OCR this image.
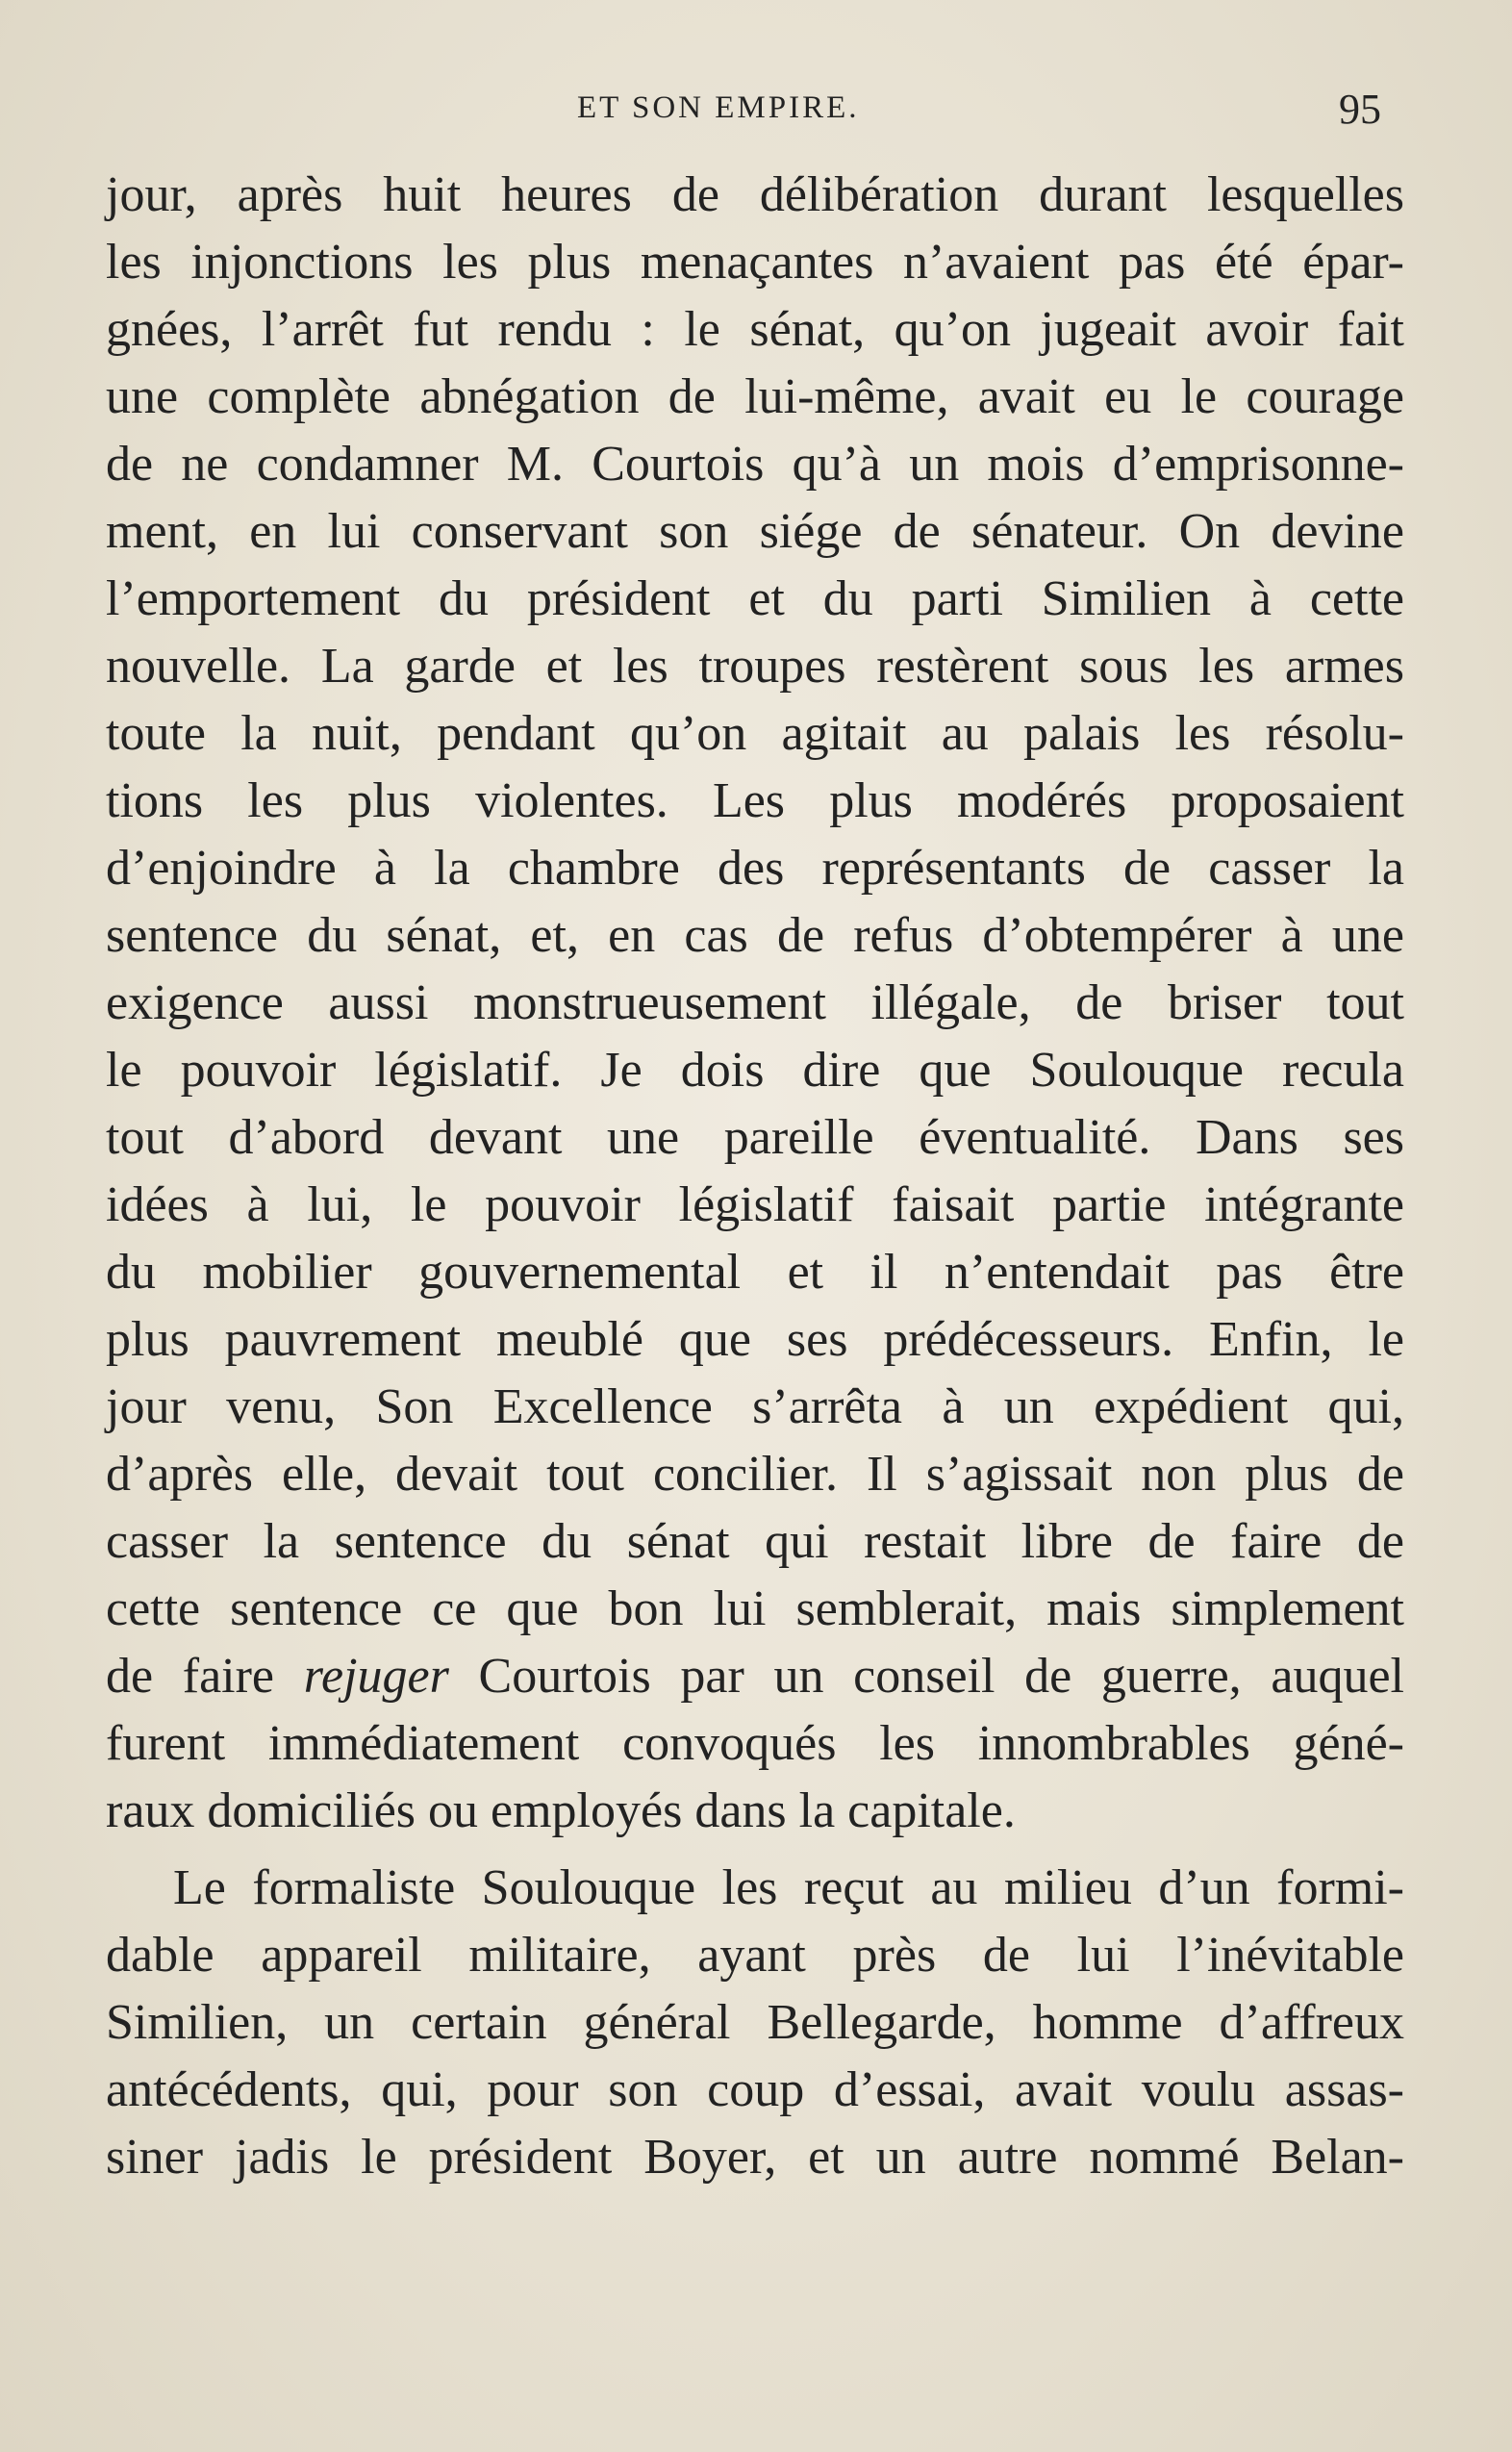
ET SON EMPIRE.	95
jour, après huit heures de délibération durant lesquelles
les injonctions les plus menaçantes n’avaient pas été épar-
gnées, l’arrêt fut rendu : le sénat, qu’on jugeait avoir fait
une complète abnégation de lui-même, avait eu le courage
de ne condamner M. Courtois qu’à un mois d’emprisonne-
ment, en lui conservant son siége de sénateur. On devine
l’emportement du président et du parti Similien à cette
nouvelle. La garde et les troupes restèrent sous les armes
toute la nuit, pendant qu’on agitait au palais les résolu-
tions les plus violentes. Les plus modérés proposaient
d’enjoindre à la chambre des représentants de casser la
sentence du sénat, et, en cas de refus d’obtempérer à une
exigence aussi monstrueusement illégale, de briser tout
le pouvoir législatif. Je dois dire que Soulouque recula
tout d’abord devant une pareille éventualité. Dans ses
idées à lui, le pouvoir législatif faisait partie intégrante
du mobilier gouvernemental et il n’entendait pas être
plus pauvrement meublé que ses prédécesseurs. Enfin, le
jour venu, Son Excellence s’arrêta à un expédient qui,
d’après elle, devait tout concilier. Il s’agissait non plus de
casser la sentence du sénat qui restait libre de faire de
cette sentence ce que bon lui semblerait, mais simplement
de faire rejuger Courtois par un conseil de guerre, auquel
furent immédiatement convoqués les innombrables géné-
raux domiciliés ou employés dans la capitale.
Le formaliste Soulouque les reçut au milieu d’un formi-
dable appareil militaire, ayant près de lui l’inévitable
Similien, un certain général Bellegarde, homme d’affreux
antécédents, qui, pour son coup d’essai, avait voulu assas-
siner jadis le président Boyer, et un autre nommé Belan-
